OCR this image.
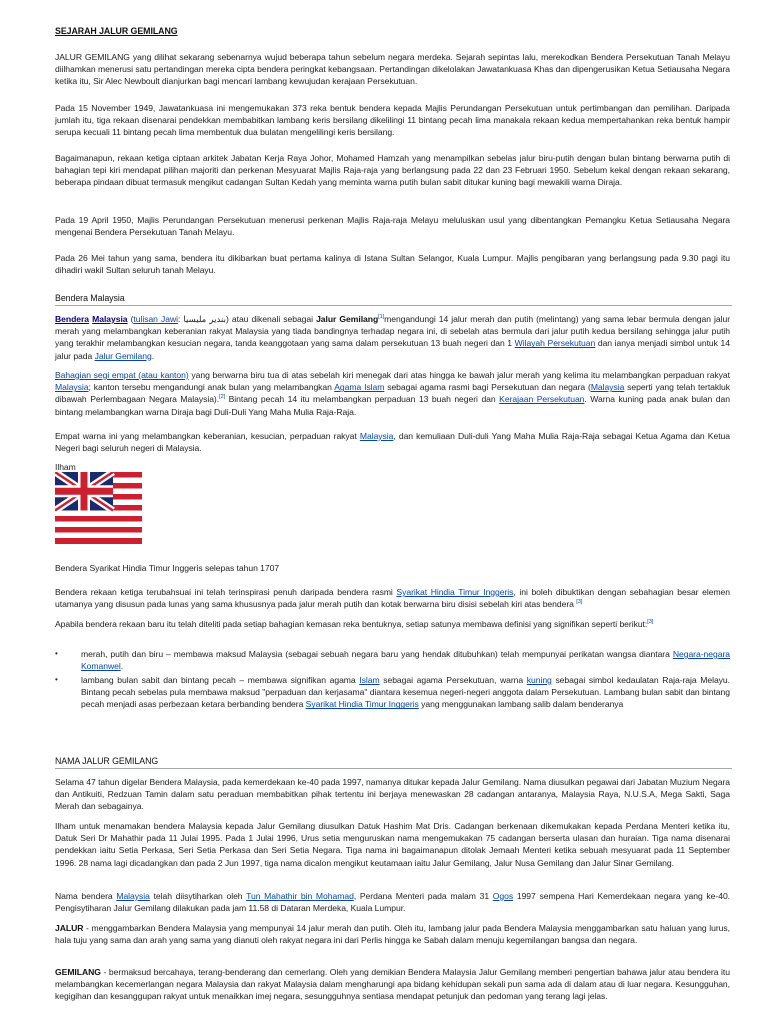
SEJARAH JALUR GEMILANG
JALUR GEMILANG yang dilihat sekarang sebenarnya wujud beberapa tahun sebelum negara merdeka. Sejarah sepintas lalu, merekodkan Bendera Persekutuan Tanah Melayu diilhamkan menerusi satu pertandingan mereka cipta bendera peringkat kebangsaan. Pertandingan dikelolakan Jawatankuasa Khas dan dipengerusikan Ketua Setiausaha Negara ketika itu, Sir Alec Newboult dianjurkan bagi mencari lambang kewujudan kerajaan Persekutuan.
Pada 15 November 1949, Jawatankuasa ini mengemukakan 373 reka bentuk bendera kepada Majlis Perundangan Persekutuan untuk pertimbangan dan pemilihan. Daripada jumlah itu, tiga rekaan disenarai pendekkan membabitkan lambang keris bersilang dikelilingi 11 bintang pecah lima manakala rekaan kedua mempertahankan reka bentuk hampir serupa kecuali 11 bintang pecah lima membentuk dua bulatan mengelilingi keris bersilang.
Bagaimanapun, rekaan ketiga ciptaan arkitek Jabatan Kerja Raya Johor, Mohamed Hamzah yang menampilkan sebelas jalur biru-putih dengan bulan bintang berwarna putih di bahagian tepi kiri mendapat pilihan majoriti dan perkenan Mesyuarat Majlis Raja-raja yang berlangsung pada 22 dan 23 Februari 1950. Sebelum kekal dengan rekaan sekarang, beberapa pindaan dibuat termasuk mengikut cadangan Sultan Kedah yang meminta warna putih bulan sabit ditukar kuning bagi mewakili warna Diraja.
Pada 19 April 1950, Majlis Perundangan Persekutuan menerusi perkenan Majlis Raja-raja Melayu meluluskan usul yang dibentangkan Pemangku Ketua Setiausaha Negara mengenai Bendera Persekutuan Tanah Melayu.
Pada 26 Mei tahun yang sama, bendera itu dikibarkan buat pertama kalinya di Istana Sultan Selangor, Kuala Lumpur. Majlis pengibaran yang berlangsung pada 9.30 pagi itu dihadiri wakil Sultan seluruh tanah Melayu.
Bendera Malaysia
Bendera Malaysia (tulisan Jawi: بندير مليسيا) atau dikenali sebagai Jalur Gemilang[1]mengandungi 14 jalur merah dan putih (melintang) yang sama lebar bermula dengan jalur merah yang melambangkan keberanian rakyat Malaysia yang tiada bandingnya terhadap negara ini, di sebelah atas bermula dari jalur putih kedua bersilang sehingga jalur putih yang terakhir melambangkan kesucian negara, tanda keanggotaan yang sama dalam persekutuan 13 buah negeri dan 1 Wilayah Persekutuan dan ianya menjadi simbol untuk 14 jalur pada Jalur Gemilang.
Bahagian segi empat (atau kanton) yang berwarna biru tua di atas sebelah kiri menegak dari atas hingga ke bawah jalur merah yang kelima itu melambangkan perpaduan rakyat Malaysia; kanton tersebu mengandungi anak bulan yang melambangkan Agama Islam sebagai agama rasmi bagi Persekutuan dan negara (Malaysia seperti yang telah tertakluk dibawah Perlembagaan Negara Malaysia).[2] Bintang pecah 14 itu melambangkan perpaduan 13 buah negeri dan Kerajaan Persekutuan. Warna kuning pada anak bulan dan bintang melambangkan warna Diraja bagi Duli-Duli Yang Maha Mulia Raja-Raja.
Empat warna ini yang melambangkan keberanian, kesucian, perpaduan rakyat Malaysia, dan kemuliaan Duli-duli Yang Maha Mulia Raja-Raja sebagai Ketua Agama dan Ketua Negeri bagi seluruh negeri di Malaysia.
Ilham
Bendera Syarikat Hindia Timur Inggeris selepas tahun 1707
Bendera rekaan ketiga terubahsuai ini telah terinspirasi penuh daripada bendera rasmi Syarikat Hindia Timur Inggeris, ini boleh dibuktikan dengan sebahagian besar elemen utamanya yang disusun pada lunas yang sama khususnya pada jalur merah putih dan kotak berwarna biru disisi sebelah kiri atas bendera [3]
Apabila bendera rekaan baru itu telah diteliti pada setiap bahagian kemasan reka bentuknya, setiap satunya membawa definisi yang signifikan seperti berikut:[3]
•	merah, putih dan biru – membawa maksud Malaysia (sebagai sebuah negara baru yang hendak ditubuhkan) telah mempunyai perikatan wangsa diantara Negara-negara Komanwel.
•	lambang bulan sabit dan bintang pecah – membawa signifikan agama Islam sebagai agama Persekutuan, warna kuning sebagai simbol kedaulatan Raja-raja Melayu. Bintang pecah sebelas pula membawa maksud "perpaduan dan kerjasama" diantara kesemua negeri-negeri anggota dalam Persekutuan. Lambang bulan sabit dan bintang pecah menjadi asas perbezaan ketara berbanding bendera Syarikat Hindia Timur Inggeris yang menggunakan lambang salib dalam benderanya
NAMA JALUR GEMILANG
Selama 47 tahun digelar Bendera Malaysia, pada kemerdekaan ke-40 pada 1997, namanya ditukar kepada Jalur Gemilang. Nama diusulkan pegawai dari Jabatan Muzium Negara dan Antikuiti, Redzuan Tamin dalam satu peraduan membabitkan pihak tertentu ini berjaya menewaskan 28 cadangan antaranya, Malaysia Raya, N.U.S.A, Mega Sakti, Saga Merah dan sebagainya.
Ilham untuk menamakan bendera Malaysia kepada Jalur Gemilang diusulkan Datuk Hashim Mat Dris. Cadangan berkenaan dikemukakan kepada Perdana Menteri ketika itu, Datuk Seri Dr Mahathir pada 11 Julai 1995. Pada 1 Julai 1996, Urus setia menguruskan nama mengemukakan 75 cadangan berserta ulasan dan huraian. Tiga nama disenarai pendekkan iaitu Setia Perkasa, Seri Setia Perkasa dan Seri Setia Negara. Tiga nama ini bagaimanapun ditolak Jemaah Menteri ketika sebuah mesyuarat pada 11 September 1996. 28 nama lagi dicadangkan dan pada 2 Jun 1997, tiga nama dicalon mengikut keutamaan iaitu Jalur Gemilang, Jalur Nusa Gemilang dan Jalur Sinar Gemilang.
Nama bendera Malaysia telah diisytiharkan oleh Tun Mahathir bin Mohamad, Perdana Menteri pada malam 31 Ogos 1997 sempena Hari Kemerdekaan negara yang ke-40. Pengisytiharan Jalur Gemilang dilakukan pada jam 11.58 di Dataran Merdeka, Kuala Lumpur.
JALUR - menggambarkan Bendera Malaysia yang mempunyai 14 jalur merah dan putih. Oleh itu, lambang jalur pada Bendera Malaysia menggambarkan satu haluan yang lurus, hala tuju yang sama dan arah yang sama yang dianuti oleh rakyat negara ini dari Perlis hingga ke Sabah dalam menuju kegemilangan bangsa dan negara.
GEMILANG - bermaksud bercahaya, terang-benderang dan cemerlang. Oleh yang demikian Bendera Malaysia Jalur Gemilang memberi pengertian bahawa jalur atau bendera itu melambangkan kecemerlangan negara Malaysia dan rakyat Malaysia dalam mengharungi apa bidang kehidupan sekali pun sama ada di dalam atau di luar negara. Kesungguhan, kegigihan dan kesanggupan rakyat untuk menaikkan imej negara, sesungguhnya sentiasa mendapat petunjuk dan pedoman yang terang lagi jelas.
